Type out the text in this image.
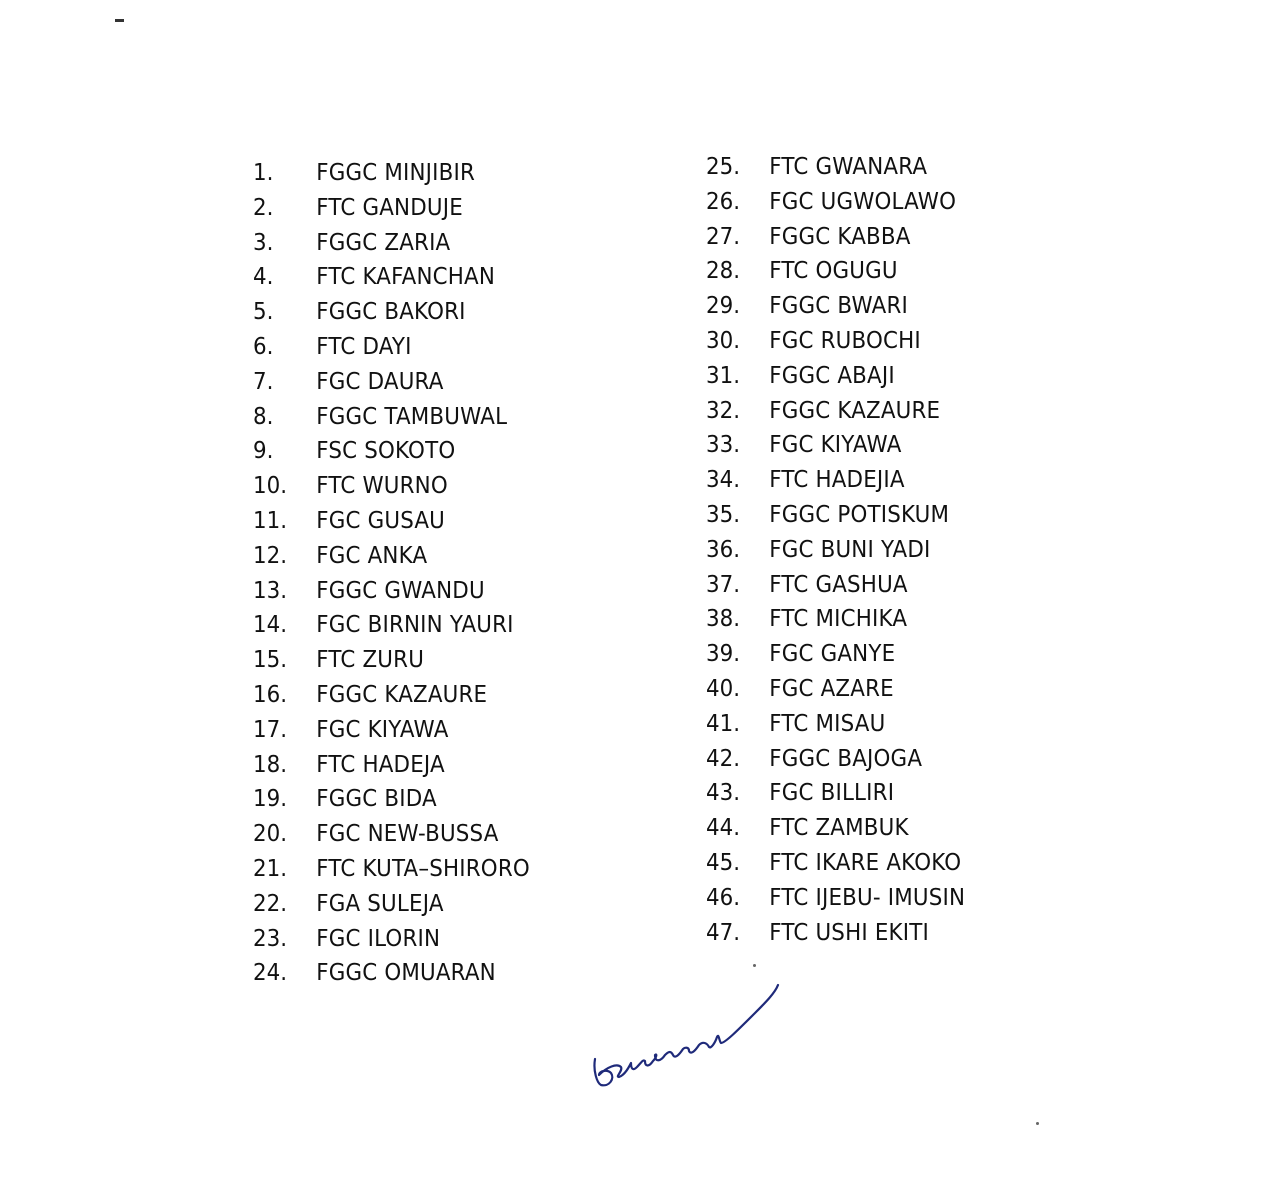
1. FGGC MINJIBIR
2. FTC GANDUJE
3. FGGC ZARIA
4. FTC KAFANCHAN
5. FGGC BAKORI
6. FTC DAYI
7. FGC DAURA
8. FGGC TAMBUWAL
9. FSC SOKOTO
10. FTC WURNO
11. FGC GUSAU
12. FGC ANKA
13. FGGC GWANDU
14. FGC BIRNIN YAURI
15. FTC ZURU
16. FGGC KAZAURE
17. FGC KIYAWA
18. FTC HADEJA
19. FGGC BIDA
20. FGC NEW-BUSSA
21. FTC KUTA–SHIRORO
22. FGA SULEJA
23. FGC ILORIN
24. FGGC OMUARAN
25. FTC GWANARA
26. FGC UGWOLAWO
27. FGGC KABBA
28. FTC OGUGU
29. FGGC BWARI
30. FGC RUBOCHI
31. FGGC ABAJI
32. FGGC KAZAURE
33. FGC KIYAWA
34. FTC HADEJIA
35. FGGC POTISKUM
36. FGC BUNI YADI
37. FTC GASHUA
38. FTC MICHIKA
39. FGC GANYE
40. FGC AZARE
41. FTC MISAU
42. FGGC BAJOGA
43. FGC BILLIRI
44. FTC ZAMBUK
45. FTC IKARE AKOKO
46. FTC IJEBU- IMUSIN
47. FTC USHI EKITI
